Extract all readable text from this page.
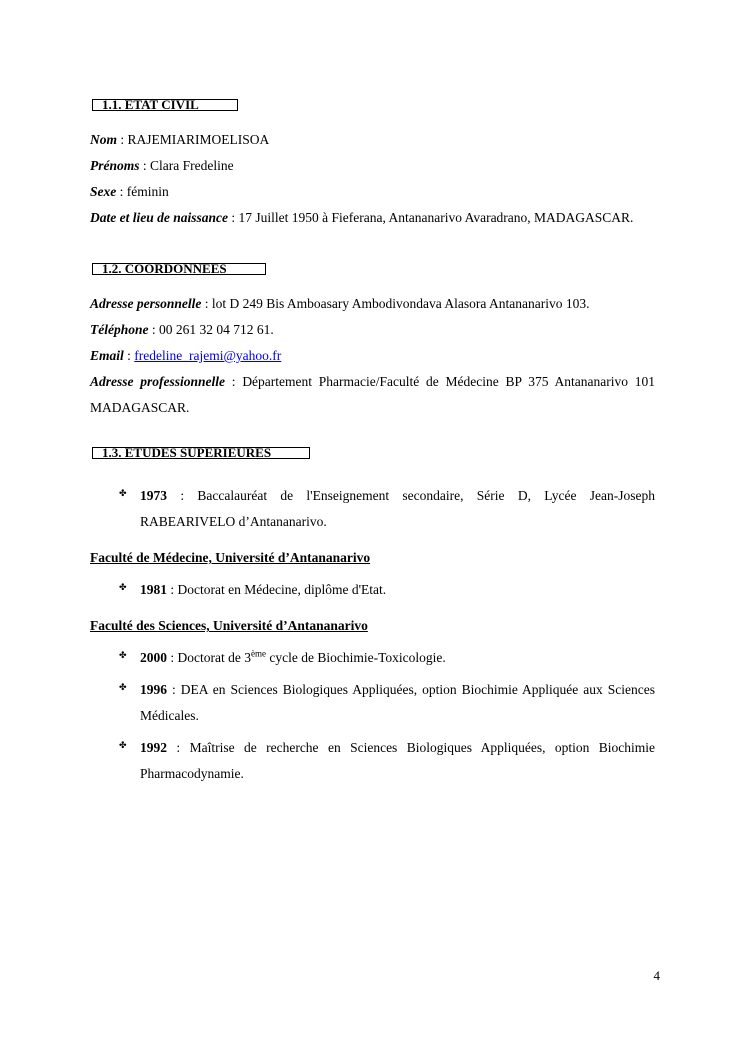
1.1. ETAT CIVIL

Nom : RAJEMIARIMOELISOA

Prénoms : Clara Fredeline

Sexe : féminin

Date et lieu de naissance : 17 Juillet 1950 à Fieferana, Antananarivo Avaradrano, MADAGASCAR.

1.2. COORDONNEES

Adresse personnelle : lot D 249 Bis Amboasary Ambodivondava Alasora Antananarivo 103.

Téléphone : 00 261 32 04 712 61.

Email : fredeline_rajemi@yahoo.fr

Adresse professionnelle : Département Pharmacie/Faculté de Médecine BP 375 Antananarivo 101 MADAGASCAR.

1.3. ETUDES SUPERIEURES
✤ 1973 : Baccalauréat de l'Enseignement secondaire, Série D, Lycée Jean-Joseph RABEARIVELO d’Antananarivo.
Faculté de Médecine, Université d’Antananarivo
✤ 1981 : Doctorat en Médecine, diplôme d'Etat.
Faculté des Sciences, Université d’Antananarivo
✤ 2000 : Doctorat de 3ème cycle de Biochimie-Toxicologie.
✤ 1996 : DEA en Sciences Biologiques Appliquées, option Biochimie Appliquée aux Sciences Médicales.
✤ 1992 : Maîtrise de recherche en Sciences Biologiques Appliquées, option Biochimie Pharmacodynamie.
4
